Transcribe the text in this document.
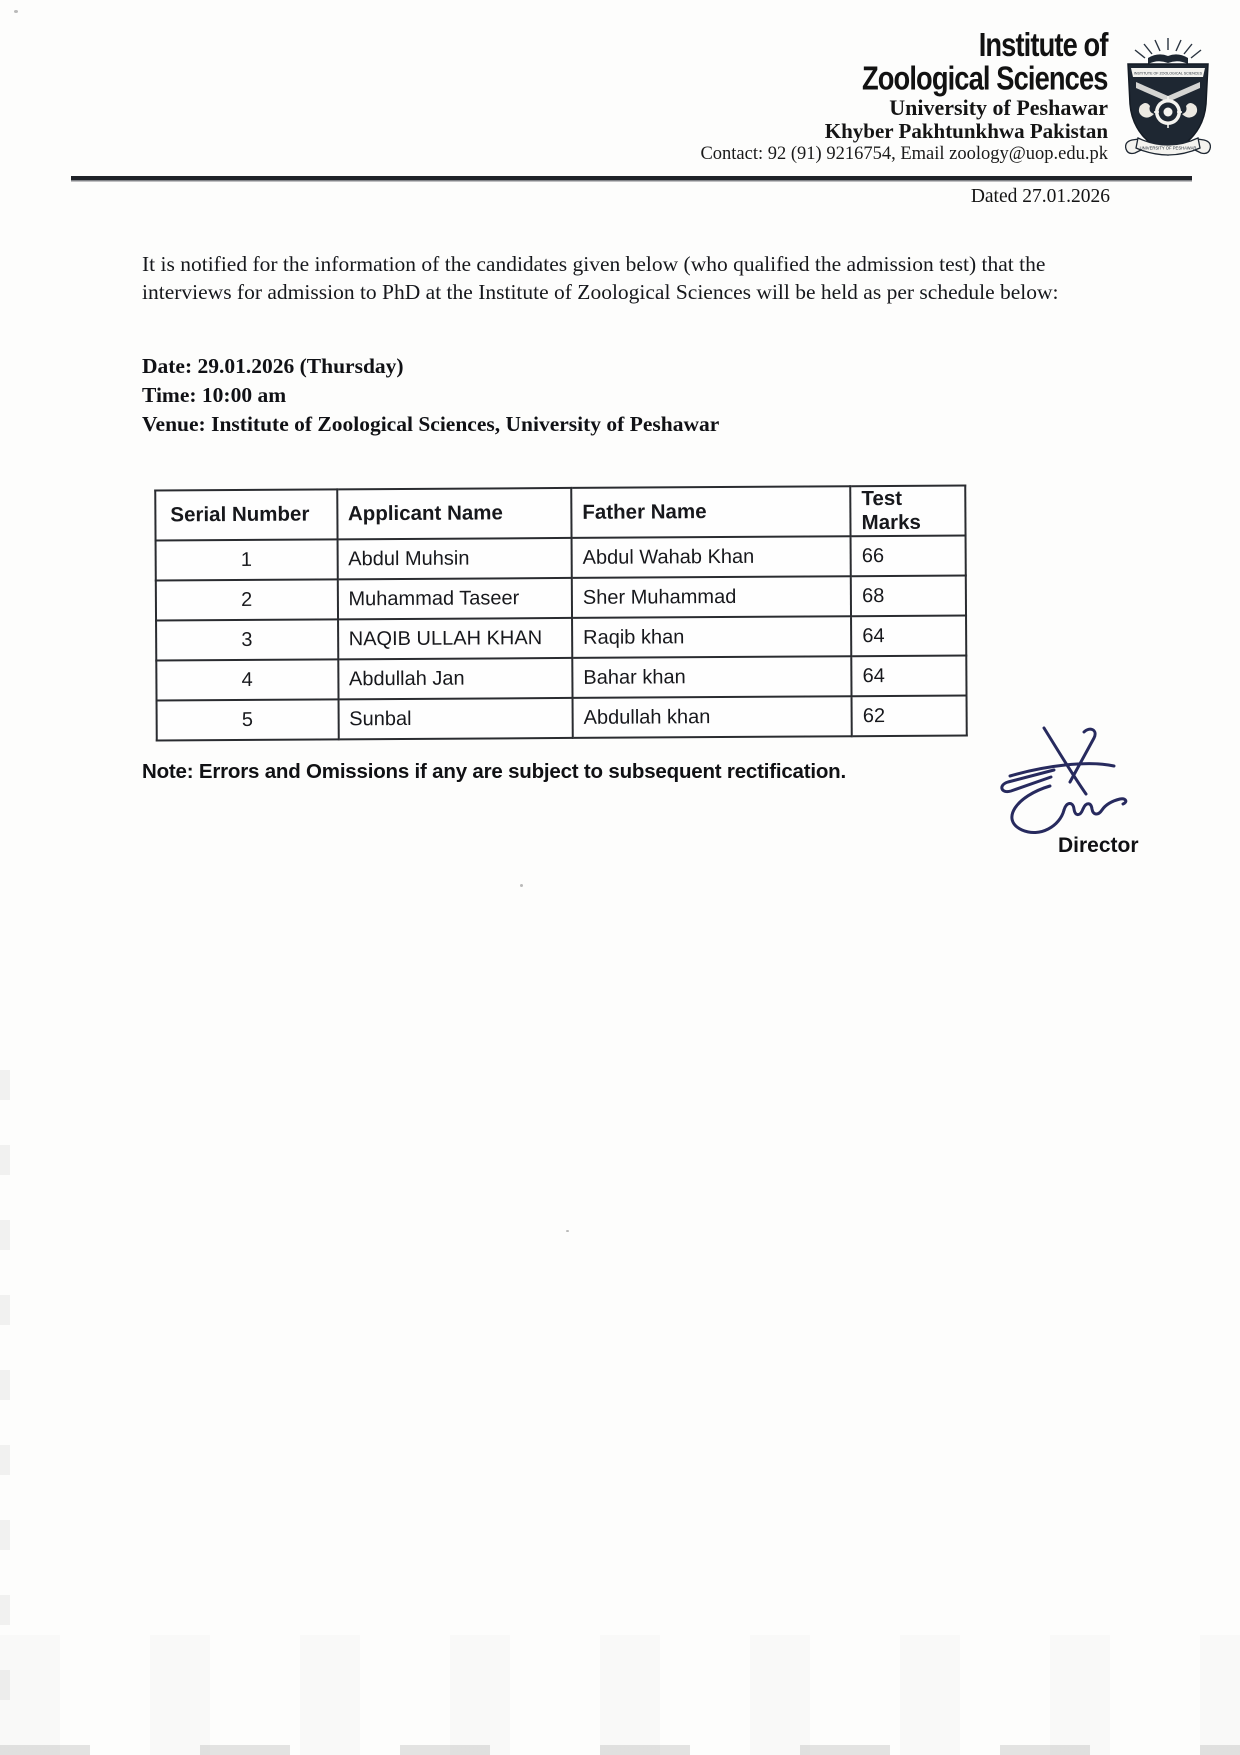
Institute of
Zoological Sciences
University of Peshawar
Khyber Pakhtunkhwa Pakistan
Contact: 92 (91) 9216754, Email zoology@uop.edu.pk
INSTITUTE OF ZOOLOGICAL SCIENCES
UNIVERSITY OF PESHAWAR
Dated 27.01.2026

It is notified for the information of the candidates given below (who qualified the admission test) that the interviews for admission to PhD at the Institute of Zoological Sciences will be held as per schedule below:

Date: 29.01.2026 (Thursday)
Time: 10:00 am
Venue: Institute of Zoological Sciences, University of Peshawar
Serial Number	Applicant Name	Father Name	Test Marks
1	Abdul Muhsin	Abdul Wahab Khan	66
2	Muhammad Taseer	Sher Muhammad	68
3	NAQIB ULLAH KHAN	Raqib khan	64
4	Abdullah Jan	Bahar khan	64
5	Sunbal	Abdullah khan	62
Note: Errors and Omissions if any are subject to subsequent rectification.
Director
